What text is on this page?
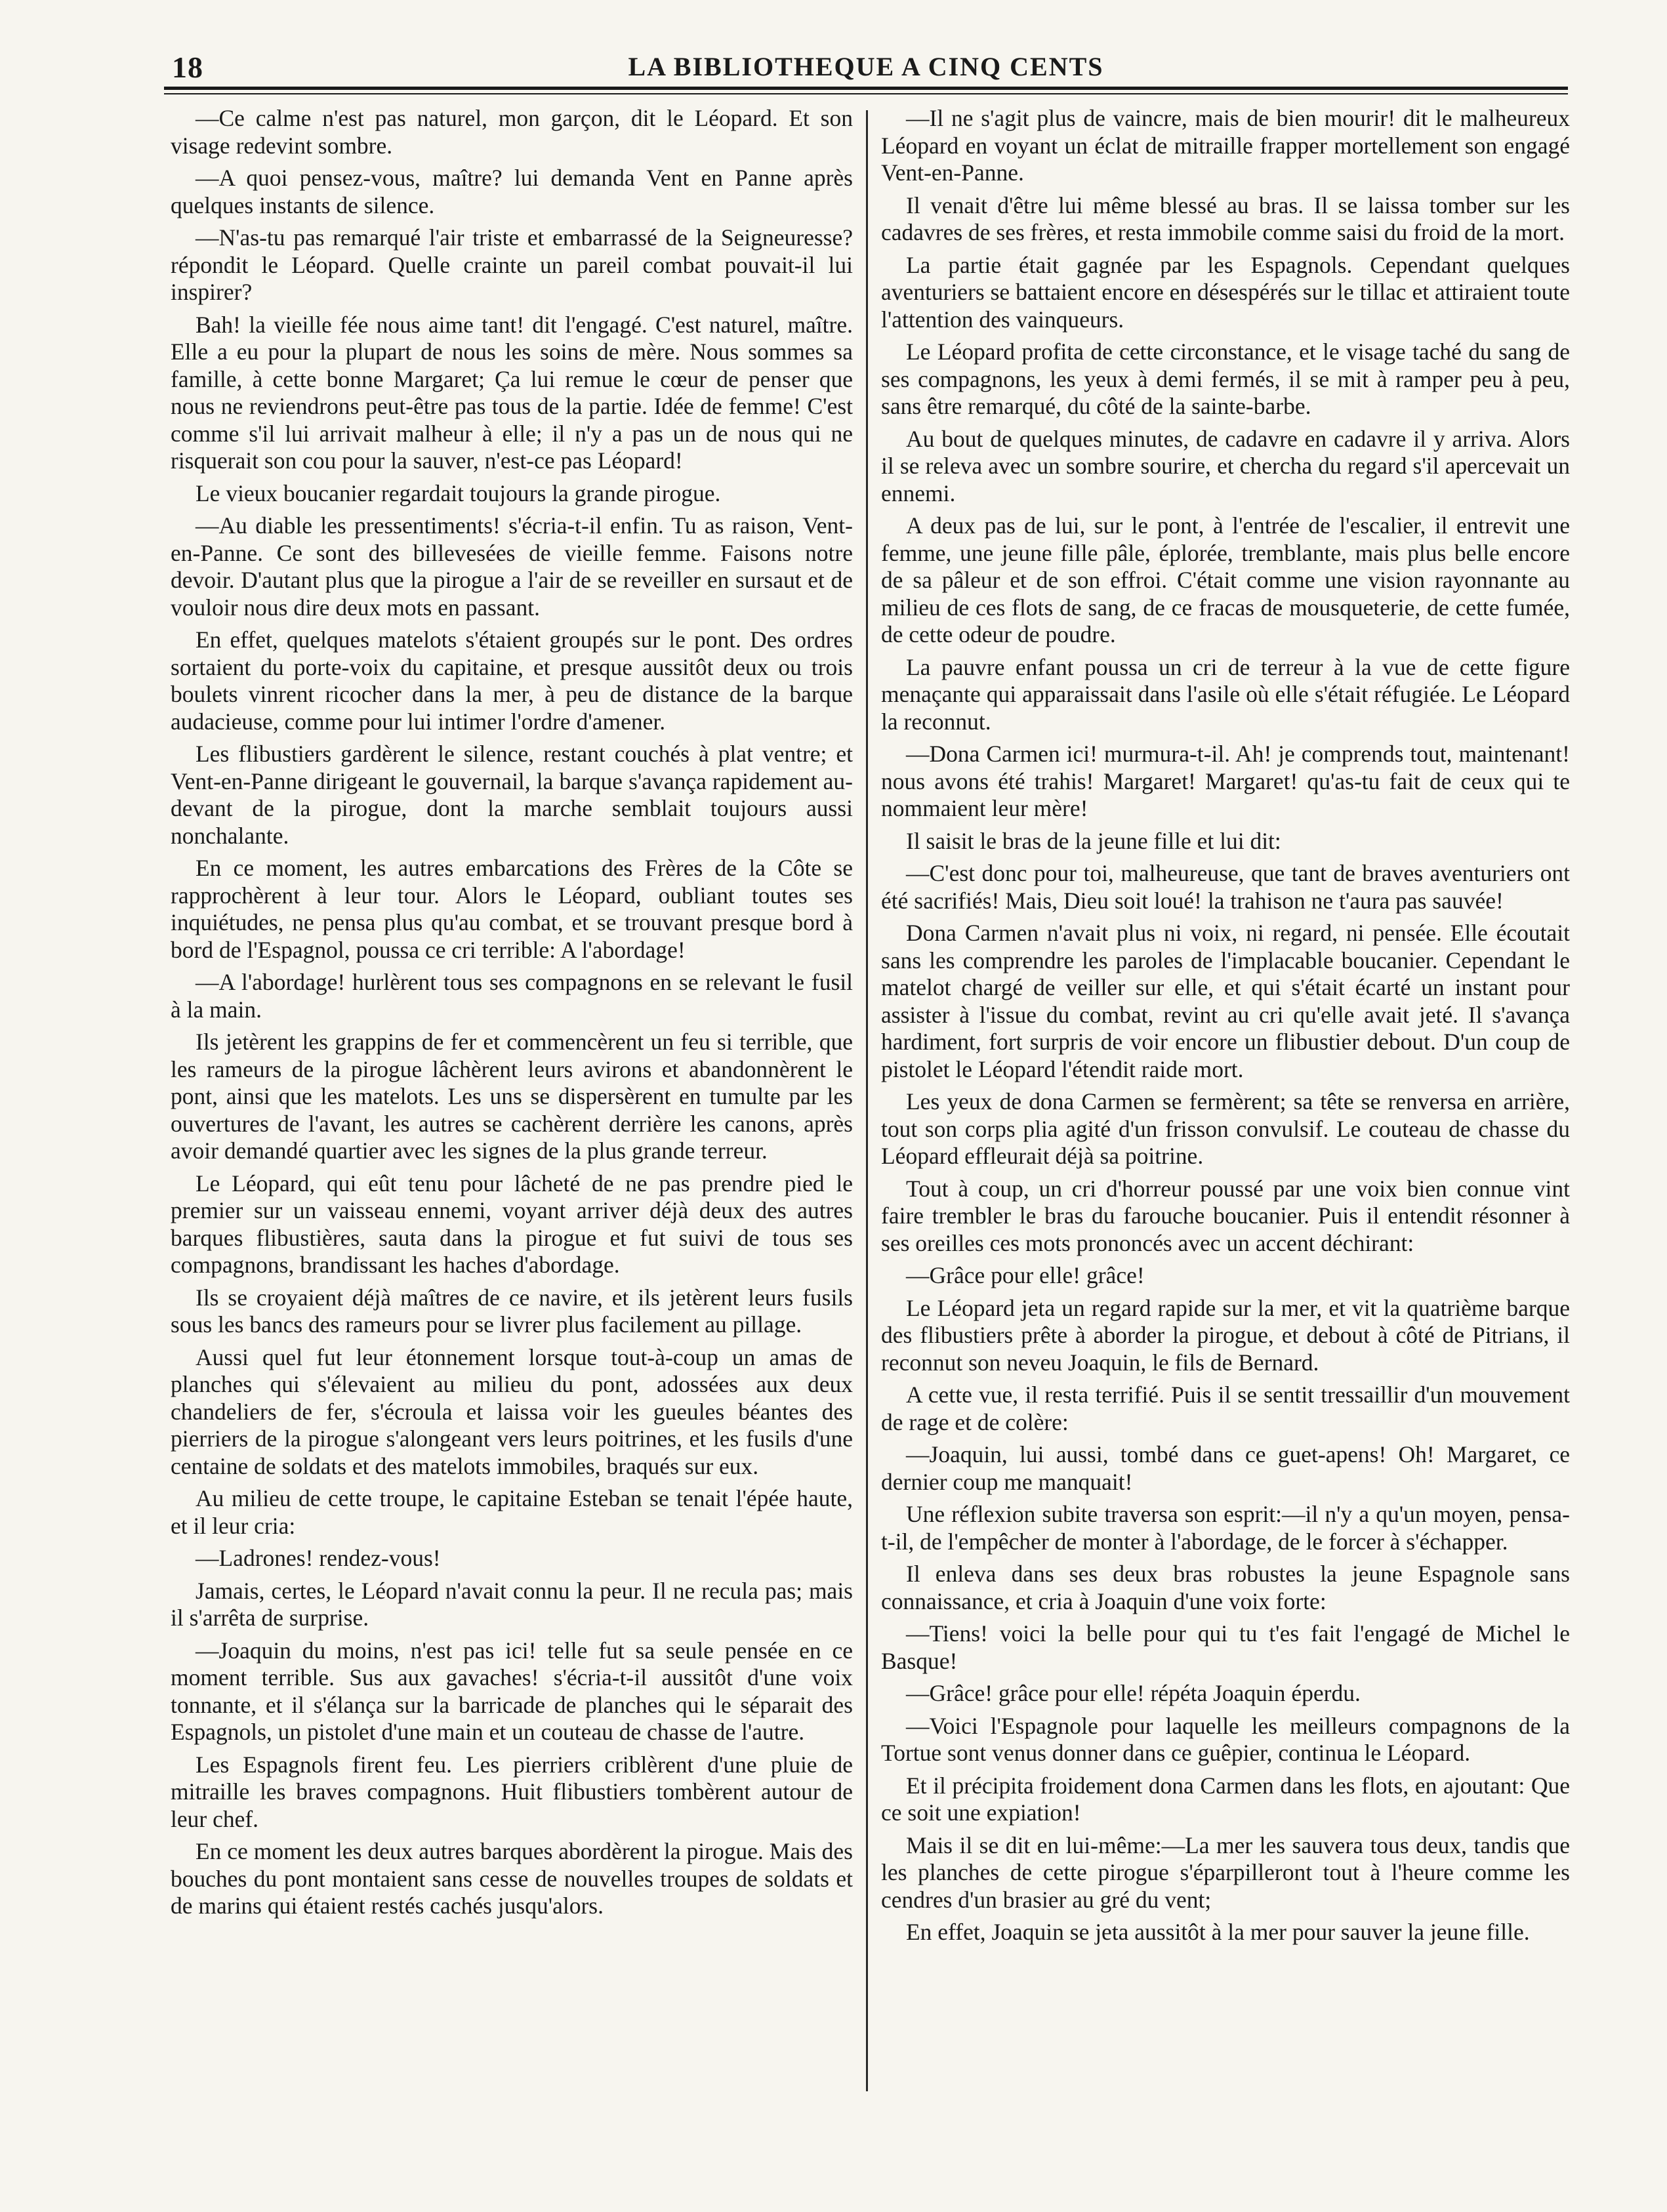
18	LA BIBLIOTHEQUE A CINQ CENTS

—Ce calme n'est pas naturel, mon garçon, dit le Léopard. Et son visage redevint sombre.

—A quoi pensez-vous, maître? lui demanda Vent en Panne après quelques instants de silence.

—N'as-tu pas remarqué l'air triste et embarrassé de la Seigneuresse? répondit le Léopard. Quelle crainte un pareil combat pouvait-il lui inspirer?

Bah! la vieille fée nous aime tant! dit l'engagé. C'est naturel, maître. Elle a eu pour la plupart de nous les soins de mère. Nous sommes sa famille, à cette bonne Margaret; Ça lui remue le cœur de penser que nous ne reviendrons peut-être pas tous de la partie. Idée de femme! C'est comme s'il lui arrivait malheur à elle; il n'y a pas un de nous qui ne risquerait son cou pour la sauver, n'est-ce pas Léopard!

Le vieux boucanier regardait toujours la grande pirogue.

—Au diable les pressentiments! s'écria-t-il enfin. Tu as raison, Vent-en-Panne. Ce sont des billevesées de vieille femme. Faisons notre devoir. D'autant plus que la pirogue a l'air de se reveiller en sursaut et de vouloir nous dire deux mots en passant.

En effet, quelques matelots s'étaient groupés sur le pont. Des ordres sortaient du porte-voix du capitaine, et presque aussitôt deux ou trois boulets vinrent ricocher dans la mer, à peu de distance de la barque audacieuse, comme pour lui intimer l'ordre d'amener.

Les flibustiers gardèrent le silence, restant couchés à plat ventre; et Vent-en-Panne dirigeant le gouvernail, la barque s'avança rapidement au-devant de la pirogue, dont la marche semblait toujours aussi nonchalante.

En ce moment, les autres embarcations des Frères de la Côte se rapprochèrent à leur tour. Alors le Léopard, oubliant toutes ses inquiétudes, ne pensa plus qu'au combat, et se trouvant presque bord à bord de l'Espagnol, poussa ce cri terrible: A l'abordage!

—A l'abordage! hurlèrent tous ses compagnons en se relevant le fusil à la main.

Ils jetèrent les grappins de fer et commencèrent un feu si terrible, que les rameurs de la pirogue lâchèrent leurs avirons et abandonnèrent le pont, ainsi que les matelots. Les uns se dispersèrent en tumulte par les ouvertures de l'avant, les autres se cachèrent derrière les canons, après avoir demandé quartier avec les signes de la plus grande terreur.

Le Léopard, qui eût tenu pour lâcheté de ne pas prendre pied le premier sur un vaisseau ennemi, voyant arriver déjà deux des autres barques flibustières, sauta dans la pirogue et fut suivi de tous ses compagnons, brandissant les haches d'abordage.

Ils se croyaient déjà maîtres de ce navire, et ils jetèrent leurs fusils sous les bancs des rameurs pour se livrer plus facilement au pillage.

Aussi quel fut leur étonnement lorsque tout-à-coup un amas de planches qui s'élevaient au milieu du pont, adossées aux deux chandeliers de fer, s'écroula et laissa voir les gueules béantes des pierriers de la pirogue s'alongeant vers leurs poitrines, et les fusils d'une centaine de soldats et des matelots immobiles, braqués sur eux.

Au milieu de cette troupe, le capitaine Esteban se tenait l'épée haute, et il leur cria:

—Ladrones! rendez-vous!

Jamais, certes, le Léopard n'avait connu la peur. Il ne recula pas; mais il s'arrêta de surprise.

—Joaquin du moins, n'est pas ici! telle fut sa seule pensée en ce moment terrible. Sus aux gavaches! s'écria-t-il aussitôt d'une voix tonnante, et il s'élança sur la barricade de planches qui le séparait des Espagnols, un pistolet d'une main et un couteau de chasse de l'autre.

Les Espagnols firent feu. Les pierriers criblèrent d'une pluie de mitraille les braves compagnons. Huit flibustiers tombèrent autour de leur chef.

En ce moment les deux autres barques abordèrent la pirogue. Mais des bouches du pont montaient sans cesse de nouvelles troupes de soldats et de marins qui étaient restés cachés jusqu'alors.

—Il ne s'agit plus de vaincre, mais de bien mourir! dit le malheureux Léopard en voyant un éclat de mitraille frapper mortellement son engagé Vent-en-Panne.

Il venait d'être lui même blessé au bras. Il se laissa tomber sur les cadavres de ses frères, et resta immobile comme saisi du froid de la mort.

La partie était gagnée par les Espagnols. Cependant quelques aventuriers se battaient encore en désespérés sur le tillac et attiraient toute l'attention des vainqueurs.

Le Léopard profita de cette circonstance, et le visage taché du sang de ses compagnons, les yeux à demi fermés, il se mit à ramper peu à peu, sans être remarqué, du côté de la sainte-barbe.

Au bout de quelques minutes, de cadavre en cadavre il y arriva. Alors il se releva avec un sombre sourire, et chercha du regard s'il apercevait un ennemi.

A deux pas de lui, sur le pont, à l'entrée de l'escalier, il entrevit une femme, une jeune fille pâle, éplorée, tremblante, mais plus belle encore de sa pâleur et de son effroi. C'était comme une vision rayonnante au milieu de ces flots de sang, de ce fracas de mousqueterie, de cette fumée, de cette odeur de poudre.

La pauvre enfant poussa un cri de terreur à la vue de cette figure menaçante qui apparaissait dans l'asile où elle s'était réfugiée. Le Léopard la reconnut.

—Dona Carmen ici! murmura-t-il. Ah! je comprends tout, maintenant! nous avons été trahis! Margaret! Margaret! qu'as-tu fait de ceux qui te nommaient leur mère!

Il saisit le bras de la jeune fille et lui dit:

—C'est donc pour toi, malheureuse, que tant de braves aventuriers ont été sacrifiés! Mais, Dieu soit loué! la trahison ne t'aura pas sauvée!

Dona Carmen n'avait plus ni voix, ni regard, ni pensée. Elle écoutait sans les comprendre les paroles de l'implacable boucanier. Cependant le matelot chargé de veiller sur elle, et qui s'était écarté un instant pour assister à l'issue du combat, revint au cri qu'elle avait jeté. Il s'avança hardiment, fort surpris de voir encore un flibustier debout. D'un coup de pistolet le Léopard l'étendit raide mort.

Les yeux de dona Carmen se fermèrent; sa tête se renversa en arrière, tout son corps plia agité d'un frisson convulsif. Le couteau de chasse du Léopard effleurait déjà sa poitrine.

Tout à coup, un cri d'horreur poussé par une voix bien connue vint faire trembler le bras du farouche boucanier. Puis il entendit résonner à ses oreilles ces mots prononcés avec un accent déchirant:

—Grâce pour elle! grâce!

Le Léopard jeta un regard rapide sur la mer, et vit la quatrième barque des flibustiers prête à aborder la pirogue, et debout à côté de Pitrians, il reconnut son neveu Joaquin, le fils de Bernard.

A cette vue, il resta terrifié. Puis il se sentit tressaillir d'un mouvement de rage et de colère:

—Joaquin, lui aussi, tombé dans ce guet-apens! Oh! Margaret, ce dernier coup me manquait!

Une réflexion subite traversa son esprit:—il n'y a qu'un moyen, pensa-t-il, de l'empêcher de monter à l'abordage, de le forcer à s'échapper.

Il enleva dans ses deux bras robustes la jeune Espagnole sans connaissance, et cria à Joaquin d'une voix forte:

—Tiens! voici la belle pour qui tu t'es fait l'engagé de Michel le Basque!

—Grâce! grâce pour elle! répéta Joaquin éperdu.

—Voici l'Espagnole pour laquelle les meilleurs compagnons de la Tortue sont venus donner dans ce guêpier, continua le Léopard.

Et il précipita froidement dona Carmen dans les flots, en ajoutant: Que ce soit une expiation!

Mais il se dit en lui-même:—La mer les sauvera tous deux, tandis que les planches de cette pirogue s'éparpilleront tout à l'heure comme les cendres d'un brasier au gré du vent;

En effet, Joaquin se jeta aussitôt à la mer pour sauver la jeune fille.
